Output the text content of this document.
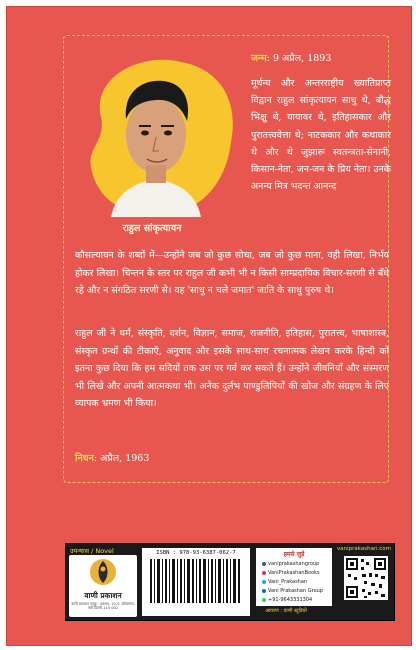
राहुल सांकृत्यायन
जन्म: 9 अप्रैल, 1893
मूर्धन्य और अन्तरराष्ट्रीय ख्यातिप्राप्त विद्वान राहुल सांकृत्यायन साधु थे, बौद्ध भिक्षु थे, यायावर थे, इतिहासकार और पुरातत्त्ववेत्ता थे; नाटककार और कथाकार थे और थे जुझारू स्वतन्त्रता-सेनानी, किसान-नेता, जन-जन के प्रिय नेता। उनके अनन्य मित्र भदन्त आनन्द
कौसल्यायन के शब्दों में—उन्होंने जब जो कुछ सोचा, जब जो कुछ माना, वही लिखा, निर्भय होकर लिखा। चिन्तन के स्तर पर राहुल जी कभी भी न किसी साम्प्रदायिक विचार-सरणी से बँधे रहे और न संगठित सरणी से। वह 'साधु न चले जमात' जाति के साधु पुरुष थे।
राहुल जी ने धर्म, संस्कृति, दर्शन, विज्ञान, समाज, राजनीति, इतिहास, पुरातत्त्व, भाषाशास्त्र, संस्कृत ग्रन्थों की टीकाएँ, अनुवाद और इसके साथ-साथ रचनात्मक लेखन करके हिन्दी को इतना कुछ दिया कि हम सदियों तक उस पर गर्व कर सकते हैं। उन्होंने जीवनियाँ और संस्मरण भी लिखे और अपनी आत्मकथा भी। अनेक दुर्लभ पाण्डुलिपियों की खोज और संग्रहण के लिए व्यापक भ्रमण भी किया।
निधन: अप्रैल, 1963
उपन्यास / Novel
वाणी प्रकाशन
वाणी प्रकाशन समूह · 4695, 21-ए, दरियागंज, नयी दिल्ली-110 002
ISBN : 978-93-6387-062-7
आवरण : वाणी स्टूडियो
हमसे जुड़ें
vaniprakashangroup
VaniPrakashanBooks
Vani_Prakashan
Vani Prakashan Group
+91-9643331304
vaniprakashan.com
